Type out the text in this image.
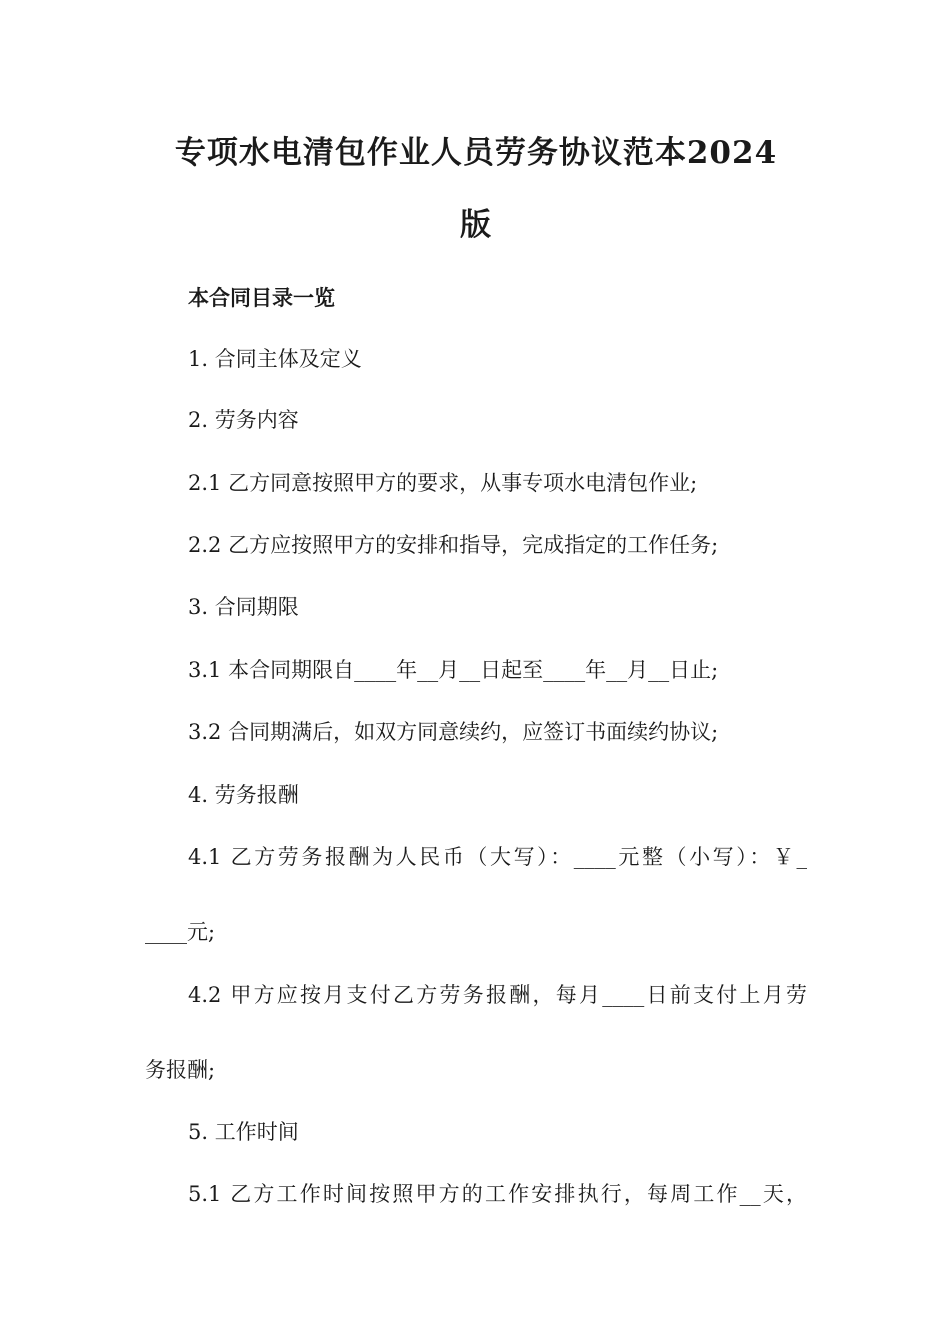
专项水电清包作业人员劳务协议范本2024
版
本合同目录一览
1. 合同主体及定义
2. 劳务内容
2.1 乙方同意按照甲方的要求，从事专项水电清包作业;
2.2 乙方应按照甲方的安排和指导，完成指定的工作任务;
3. 合同期限
3.1 本合同期限自____年__月__日起至____年__月__日止;
3.2 合同期满后，如双方同意续约，应签订书面续约协议;
4. 劳务报酬
4.1 乙方劳务报酬为人民币（大写）：____元整（小写）：￥_
____元;
4.2 甲方应按月支付乙方劳务报酬，每月____日前支付上月劳
务报酬;
5. 工作时间
5.1 乙方工作时间按照甲方的工作安排执行，每周工作__天，
